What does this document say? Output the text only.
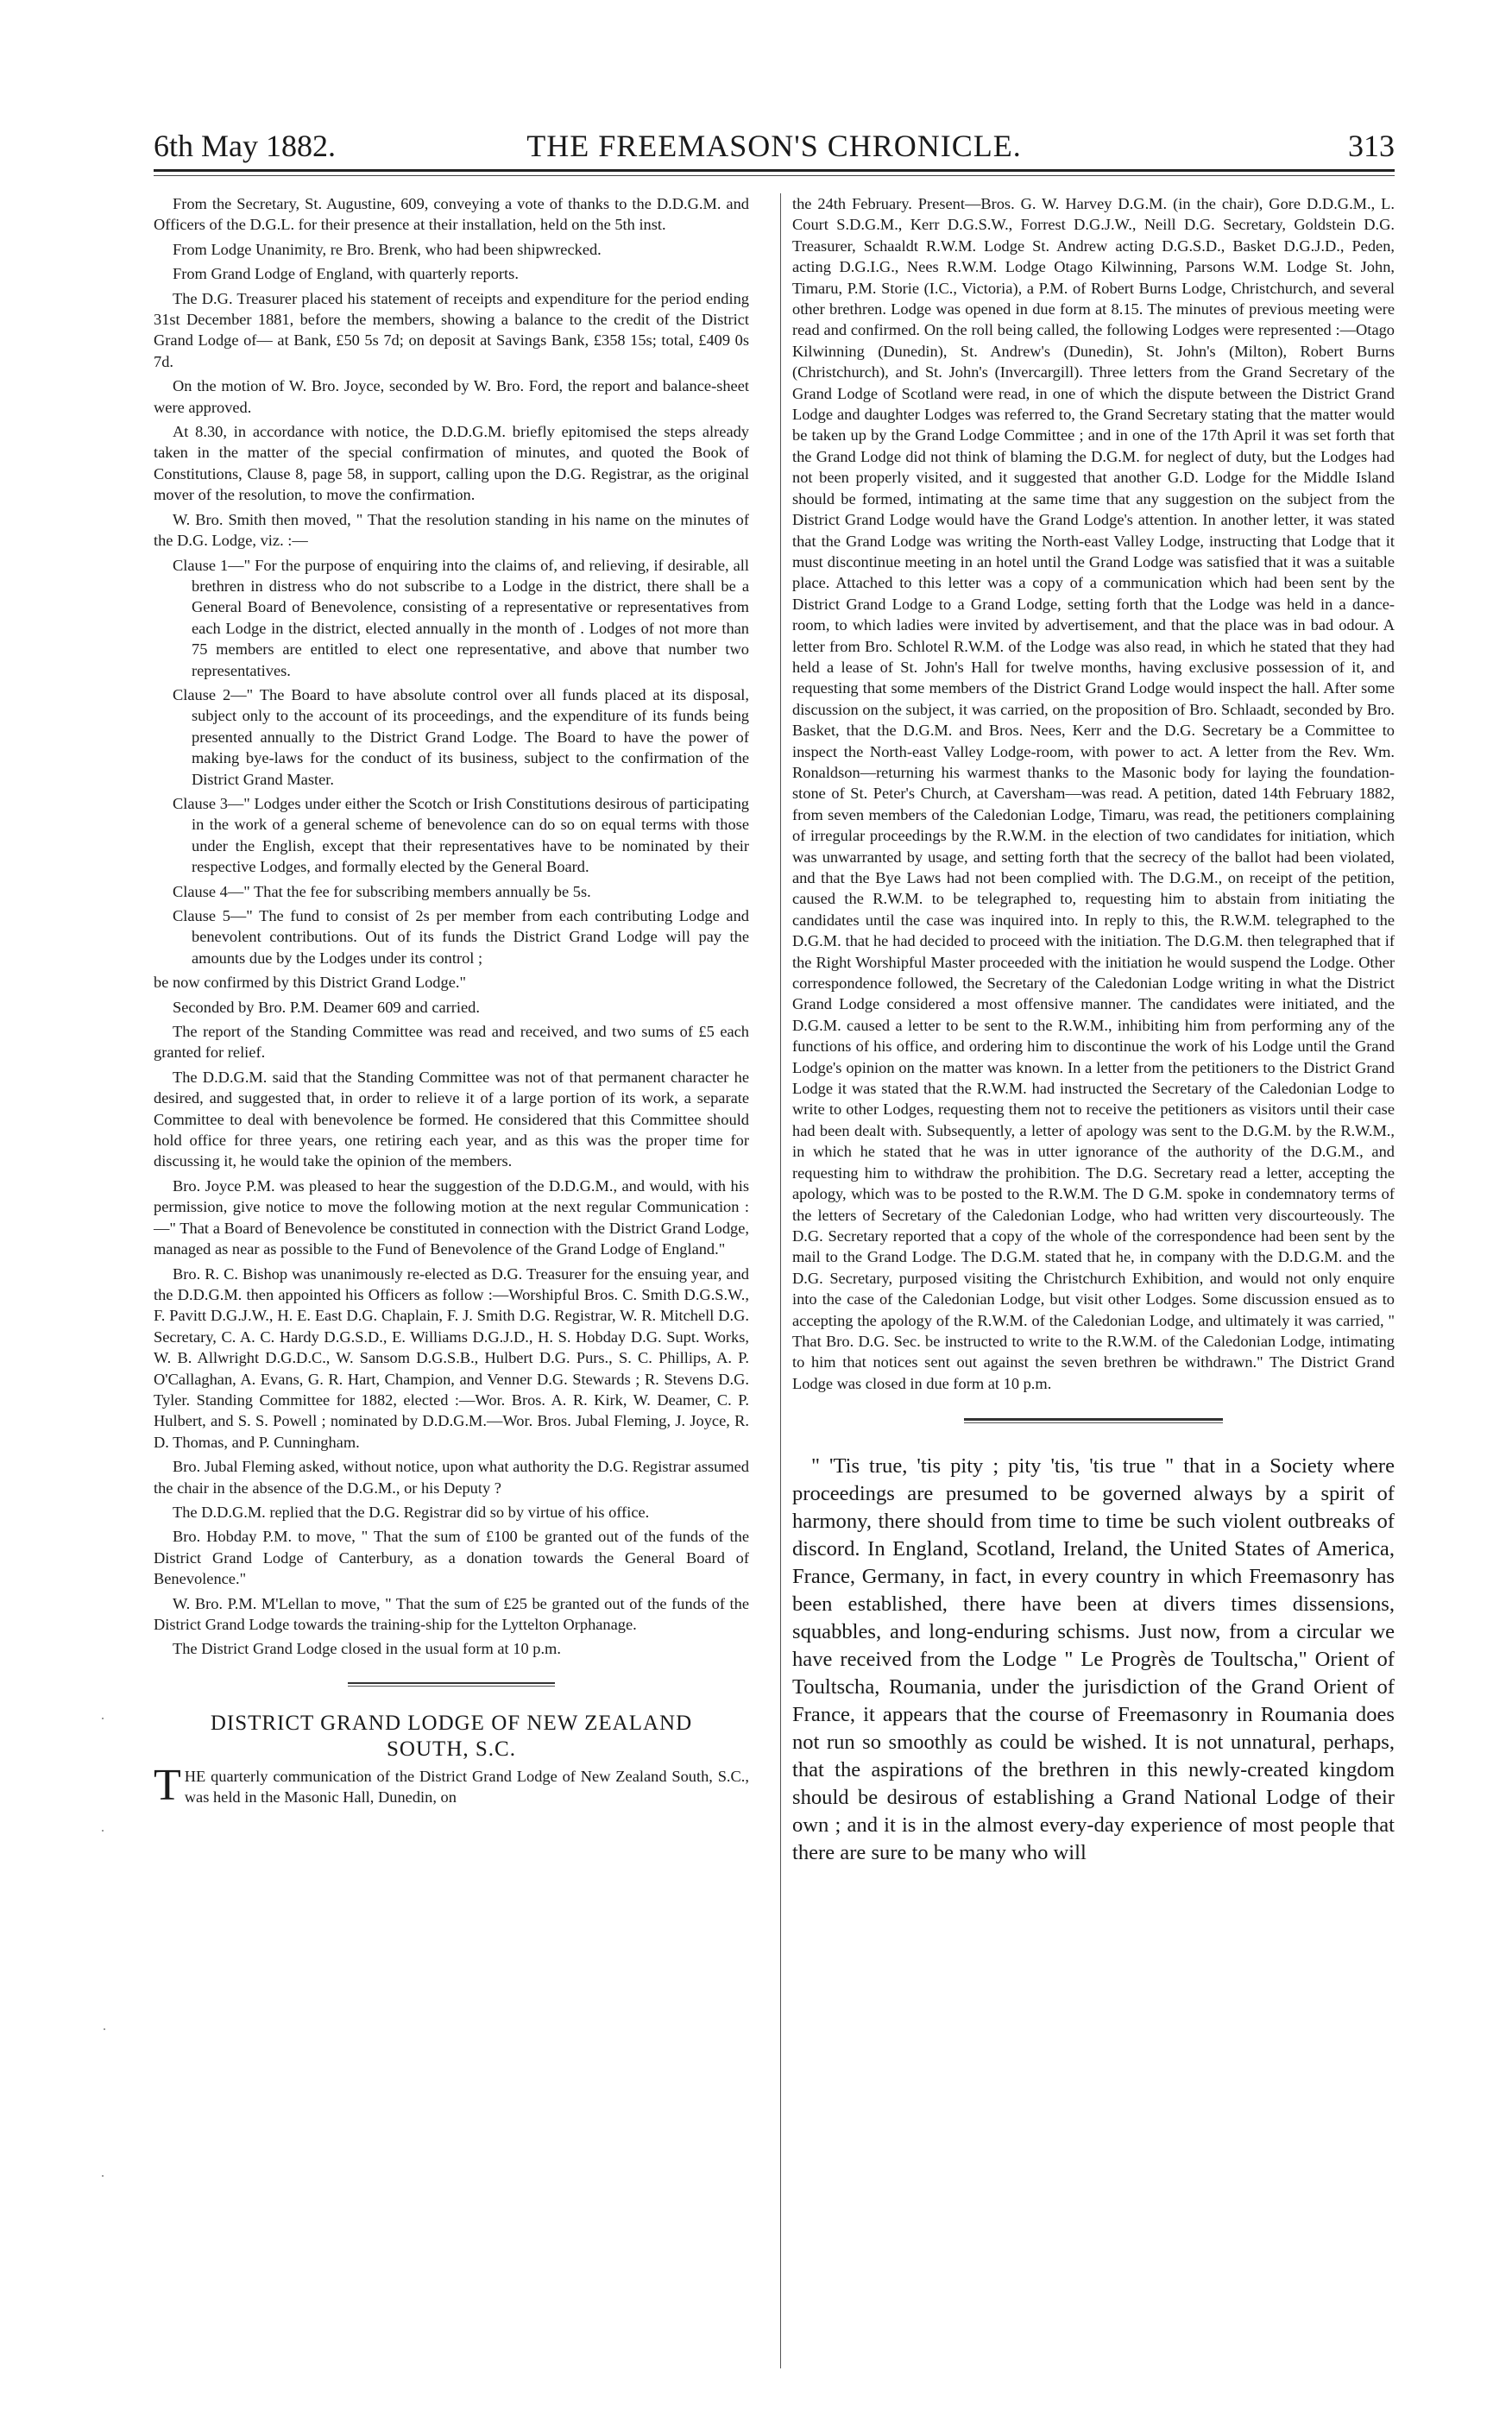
6th May 1882.	THE FREEMASON'S CHRONICLE.	313

From the Secretary, St. Augustine, 609, conveying a vote of thanks to the D.D.G.M. and Officers of the D.G.L. for their presence at their installation, held on the 5th inst.

From Lodge Unanimity, re Bro. Brenk, who had been shipwrecked.

From Grand Lodge of England, with quarterly reports.

The D.G. Treasurer placed his statement of receipts and expenditure for the period ending 31st December 1881, before the members, showing a balance to the credit of the District Grand Lodge of— at Bank, £50 5s 7d; on deposit at Savings Bank, £358 15s; total, £409 0s 7d.

On the motion of W. Bro. Joyce, seconded by W. Bro. Ford, the report and balance-sheet were approved.

At 8.30, in accordance with notice, the D.D.G.M. briefly epitomised the steps already taken in the matter of the special confirmation of minutes, and quoted the Book of Constitutions, Clause 8, page 58, in support, calling upon the D.G. Registrar, as the original mover of the resolution, to move the confirmation.

W. Bro. Smith then moved, " That the resolution standing in his name on the minutes of the D.G. Lodge, viz. :—

Clause 1—" For the purpose of enquiring into the claims of, and relieving, if desirable, all brethren in distress who do not subscribe to a Lodge in the district, there shall be a General Board of Benevolence, consisting of a representative or representatives from each Lodge in the district, elected annually in the month of . Lodges of not more than 75 members are entitled to elect one representative, and above that number two representatives.
Clause 2—" The Board to have absolute control over all funds placed at its disposal, subject only to the account of its proceedings, and the expenditure of its funds being presented annually to the District Grand Lodge. The Board to have the power of making bye-laws for the conduct of its business, subject to the confirmation of the District Grand Master.
Clause 3—" Lodges under either the Scotch or Irish Constitutions desirous of participating in the work of a general scheme of benevolence can do so on equal terms with those under the English, except that their representatives have to be nominated by their respective Lodges, and formally elected by the General Board.
Clause 4—" That the fee for subscribing members annually be 5s.
Clause 5—" The fund to consist of 2s per member from each contributing Lodge and benevolent contributions. Out of its funds the District Grand Lodge will pay the amounts due by the Lodges under its control ;

be now confirmed by this District Grand Lodge."

Seconded by Bro. P.M. Deamer 609 and carried.

The report of the Standing Committee was read and received, and two sums of £5 each granted for relief.

The D.D.G.M. said that the Standing Committee was not of that permanent character he desired, and suggested that, in order to relieve it of a large portion of its work, a separate Committee to deal with benevolence be formed. He considered that this Committee should hold office for three years, one retiring each year, and as this was the proper time for discussing it, he would take the opinion of the members.

Bro. Joyce P.M. was pleased to hear the suggestion of the D.D.G.M., and would, with his permission, give notice to move the following motion at the next regular Communication :—" That a Board of Benevolence be constituted in connection with the District Grand Lodge, managed as near as possible to the Fund of Benevolence of the Grand Lodge of England."

Bro. R. C. Bishop was unanimously re-elected as D.G. Treasurer for the ensuing year, and the D.D.G.M. then appointed his Officers as follow :—Worshipful Bros. C. Smith D.G.S.W., F. Pavitt D.G.J.W., H. E. East D.G. Chaplain, F. J. Smith D.G. Registrar, W. R. Mitchell D.G. Secretary, C. A. C. Hardy D.G.S.D., E. Williams D.G.J.D., H. S. Hobday D.G. Supt. Works, W. B. Allwright D.G.D.C., W. Sansom D.G.S.B., Hulbert D.G. Purs., S. C. Phillips, A. P. O'Callaghan, A. Evans, G. R. Hart, Champion, and Venner D.G. Stewards ; R. Stevens D.G. Tyler. Standing Committee for 1882, elected :—Wor. Bros. A. R. Kirk, W. Deamer, C. P. Hulbert, and S. S. Powell ; nominated by D.D.G.M.—Wor. Bros. Jubal Fleming, J. Joyce, R. D. Thomas, and P. Cunningham.

Bro. Jubal Fleming asked, without notice, upon what authority the D.G. Registrar assumed the chair in the absence of the D.G.M., or his Deputy ?

The D.D.G.M. replied that the D.G. Registrar did so by virtue of his office.

Bro. Hobday P.M. to move, " That the sum of £100 be granted out of the funds of the District Grand Lodge of Canterbury, as a donation towards the General Board of Benevolence."

W. Bro. P.M. M'Lellan to move, " That the sum of £25 be granted out of the funds of the District Grand Lodge towards the training-ship for the Lyttelton Orphanage.

The District Grand Lodge closed in the usual form at 10 p.m.

DISTRICT GRAND LODGE OF NEW ZEALAND
SOUTH, S.C.

THE quarterly communication of the District Grand Lodge of New Zealand South, S.C., was held in the Masonic Hall, Dunedin, on

the 24th February. Present—Bros. G. W. Harvey D.G.M. (in the chair), Gore D.D.G.M., L. Court S.D.G.M., Kerr D.G.S.W., Forrest D.G.J.W., Neill D.G. Secretary, Goldstein D.G. Treasurer, Schaaldt R.W.M. Lodge St. Andrew acting D.G.S.D., Basket D.G.J.D., Peden, acting D.G.I.G., Nees R.W.M. Lodge Otago Kilwinning, Parsons W.M. Lodge St. John, Timaru, P.M. Storie (I.C., Victoria), a P.M. of Robert Burns Lodge, Christchurch, and several other brethren. Lodge was opened in due form at 8.15. The minutes of previous meeting were read and confirmed. On the roll being called, the following Lodges were represented :—Otago Kilwinning (Dunedin), St. Andrew's (Dunedin), St. John's (Milton), Robert Burns (Christchurch), and St. John's (Invercargill). Three letters from the Grand Secretary of the Grand Lodge of Scotland were read, in one of which the dispute between the District Grand Lodge and daughter Lodges was referred to, the Grand Secretary stating that the matter would be taken up by the Grand Lodge Committee ; and in one of the 17th April it was set forth that the Grand Lodge did not think of blaming the D.G.M. for neglect of duty, but the Lodges had not been properly visited, and it suggested that another G.D. Lodge for the Middle Island should be formed, intimating at the same time that any suggestion on the subject from the District Grand Lodge would have the Grand Lodge's attention. In another letter, it was stated that the Grand Lodge was writing the North-east Valley Lodge, instructing that Lodge that it must discontinue meeting in an hotel until the Grand Lodge was satisfied that it was a suitable place. Attached to this letter was a copy of a communication which had been sent by the District Grand Lodge to a Grand Lodge, setting forth that the Lodge was held in a dance-room, to which ladies were invited by advertisement, and that the place was in bad odour. A letter from Bro. Schlotel R.W.M. of the Lodge was also read, in which he stated that they had held a lease of St. John's Hall for twelve months, having exclusive possession of it, and requesting that some members of the District Grand Lodge would inspect the hall. After some discussion on the subject, it was carried, on the proposition of Bro. Schlaadt, seconded by Bro. Basket, that the D.G.M. and Bros. Nees, Kerr and the D.G. Secretary be a Committee to inspect the North-east Valley Lodge-room, with power to act. A letter from the Rev. Wm. Ronaldson—returning his warmest thanks to the Masonic body for laying the foundation-stone of St. Peter's Church, at Caversham—was read. A petition, dated 14th February 1882, from seven members of the Caledonian Lodge, Timaru, was read, the petitioners complaining of irregular proceedings by the R.W.M. in the election of two candidates for initiation, which was unwarranted by usage, and setting forth that the secrecy of the ballot had been violated, and that the Bye Laws had not been complied with. The D.G.M., on receipt of the petition, caused the R.W.M. to be telegraphed to, requesting him to abstain from initiating the candidates until the case was inquired into. In reply to this, the R.W.M. telegraphed to the D.G.M. that he had decided to proceed with the initiation. The D.G.M. then telegraphed that if the Right Worshipful Master proceeded with the initiation he would suspend the Lodge. Other correspondence followed, the Secretary of the Caledonian Lodge writing in what the District Grand Lodge considered a most offensive manner. The candidates were initiated, and the D.G.M. caused a letter to be sent to the R.W.M., inhibiting him from performing any of the functions of his office, and ordering him to discontinue the work of his Lodge until the Grand Lodge's opinion on the matter was known. In a letter from the petitioners to the District Grand Lodge it was stated that the R.W.M. had instructed the Secretary of the Caledonian Lodge to write to other Lodges, requesting them not to receive the petitioners as visitors until their case had been dealt with. Subsequently, a letter of apology was sent to the D.G.M. by the R.W.M., in which he stated that he was in utter ignorance of the authority of the D.G.M., and requesting him to withdraw the prohibition. The D.G. Secretary read a letter, accepting the apology, which was to be posted to the R.W.M. The D G.M. spoke in condemnatory terms of the letters of Secretary of the Caledonian Lodge, who had written very discourteously. The D.G. Secretary reported that a copy of the whole of the correspondence had been sent by the mail to the Grand Lodge. The D.G.M. stated that he, in company with the D.D.G.M. and the D.G. Secretary, purposed visiting the Christchurch Exhibition, and would not only enquire into the case of the Caledonian Lodge, but visit other Lodges. Some discussion ensued as to accepting the apology of the R.W.M. of the Caledonian Lodge, and ultimately it was carried, " That Bro. D.G. Sec. be instructed to write to the R.W.M. of the Caledonian Lodge, intimating to him that notices sent out against the seven brethren be withdrawn." The District Grand Lodge was closed in due form at 10 p.m.

" 'Tis true, 'tis pity ; pity 'tis, 'tis true " that in a Society where proceedings are presumed to be governed always by a spirit of harmony, there should from time to time be such violent outbreaks of discord. In England, Scotland, Ireland, the United States of America, France, Germany, in fact, in every country in which Freemasonry has been established, there have been at divers times dissensions, squabbles, and long-enduring schisms. Just now, from a circular we have received from the Lodge " Le Progrès de Toultscha," Orient of Toultscha, Roumania, under the jurisdiction of the Grand Orient of France, it appears that the course of Freemasonry in Roumania does not run so smoothly as could be wished. It is not unnatural, perhaps, that the aspirations of the brethren in this newly-created kingdom should be desirous of establishing a Grand National Lodge of their own ; and it is in the almost every-day experience of most people that there are sure to be many who will
